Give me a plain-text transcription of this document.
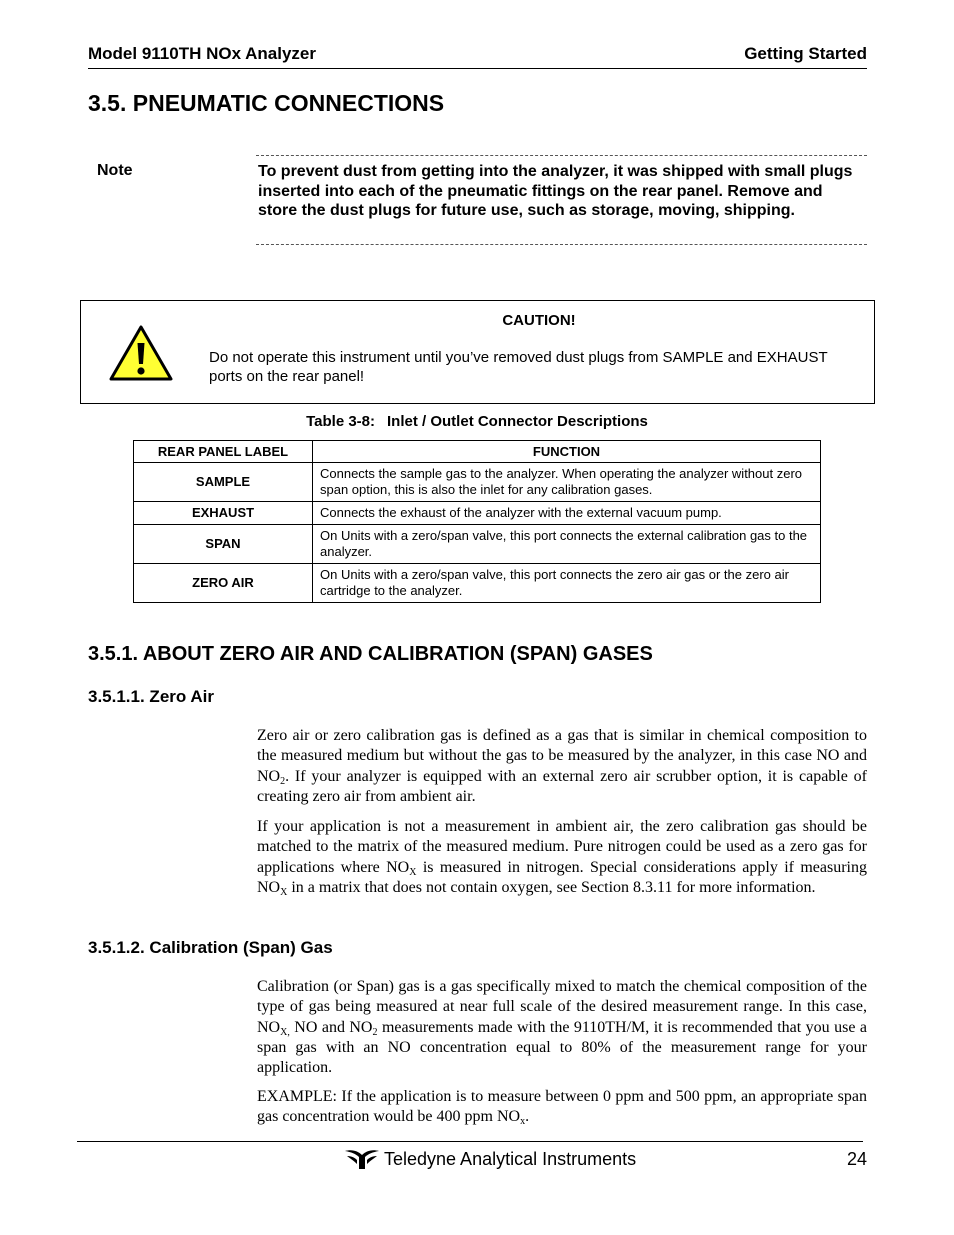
Model 9110TH NOx Analyzer	Getting Started
3.5. PNEUMATIC CONNECTIONS
Note	To prevent dust from getting into the analyzer, it was shipped with small plugs inserted into each of the pneumatic fittings on the rear panel. Remove and store the dust plugs for future use, such as storage, moving, shipping.
CAUTION!
Do not operate this instrument until you’ve removed dust plugs from SAMPLE and EXHAUST ports on the rear panel!
Table 3-8: Inlet / Outlet Connector Descriptions
REAR PANEL LABEL	FUNCTION
SAMPLE	Connects the sample gas to the analyzer. When operating the analyzer without zero span option, this is also the inlet for any calibration gases.
EXHAUST	Connects the exhaust of the analyzer with the external vacuum pump.
SPAN	On Units with a zero/span valve, this port connects the external calibration gas to the analyzer.
ZERO AIR	On Units with a zero/span valve, this port connects the zero air gas or the zero air cartridge to the analyzer.
3.5.1. ABOUT ZERO AIR AND CALIBRATION (SPAN) GASES
3.5.1.1. Zero Air

Zero air or zero calibration gas is defined as a gas that is similar in chemical composition to the measured medium but without the gas to be measured by the analyzer, in this case NO and $NO_2$. If your analyzer is equipped with an external zero air scrubber option, it is capable of creating zero air from ambient air.

If your application is not a measurement in ambient air, the zero calibration gas should be matched to the matrix of the measured medium. Pure nitrogen could be used as a zero gas for applications where $NO_X$ is measured in nitrogen. Special considerations apply if measuring $NO_X$ in a matrix that does not contain oxygen, see Section 8.3.11 for more information.

3.5.1.2. Calibration (Span) Gas

Calibration (or Span) gas is a gas specifically mixed to match the chemical composition of the type of gas being measured at near full scale of the desired measurement range. In this case, $NO_{X,}$ NO and $NO_2$ measurements made with the 9110TH/M, it is recommended that you use a span gas with an NO concentration equal to 80% of the measurement range for your application.

EXAMPLE: If the application is to measure between 0 ppm and 500 ppm, an appropriate span gas concentration would be 400 ppm $NO_x$.

Teledyne Analytical Instruments	24
